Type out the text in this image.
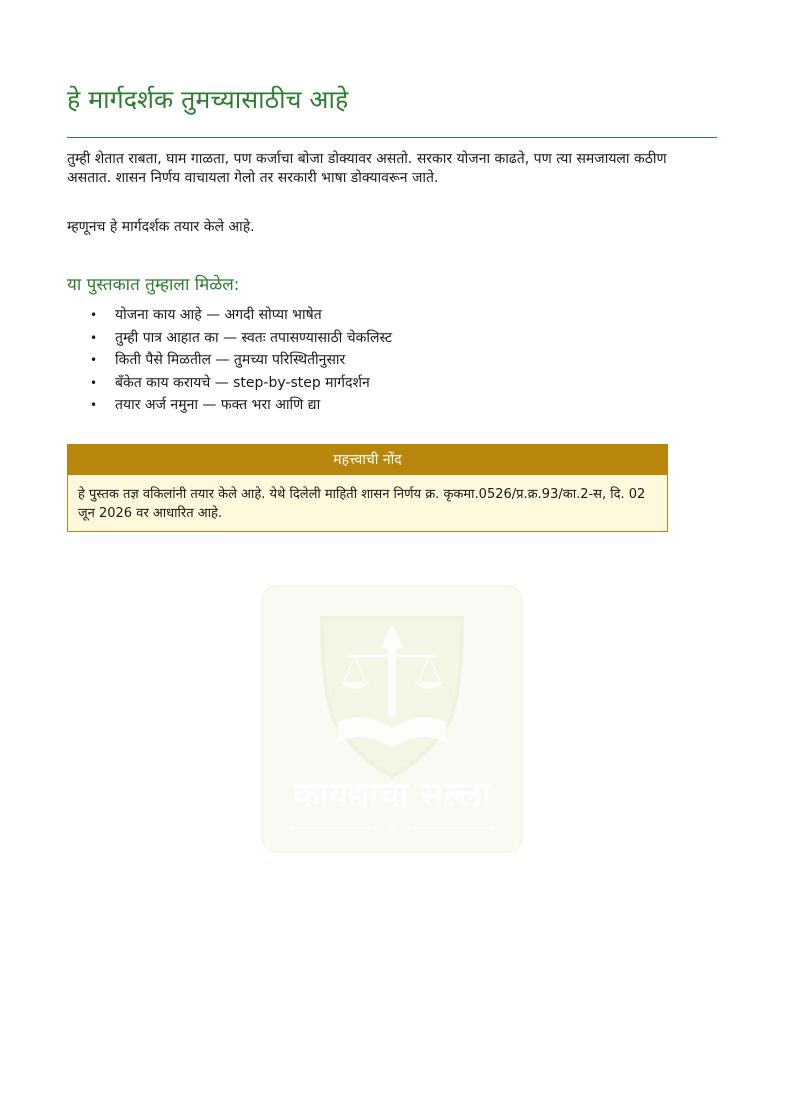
हे मार्गदर्शक तुमच्यासाठीच आहे

तुम्ही शेतात राबता, घाम गाळता, पण कर्जाचा बोजा डोक्यावर असतो. सरकार योजना काढते, पण त्या समजायला कठीण असतात. शासन निर्णय वाचायला गेलो तर सरकारी भाषा डोक्यावरून जाते.

म्हणूनच हे मार्गदर्शक तयार केले आहे.

या पुस्तकात तुम्हाला मिळेल:
• योजना काय आहे — अगदी सोप्या भाषेत
• तुम्ही पात्र आहात का — स्वतः तपासण्यासाठी चेकलिस्ट
• किती पैसे मिळतील — तुमच्या परिस्थितीनुसार
• बँकेत काय करायचे — step-by-step मार्गदर्शन
• तयार अर्ज नमुना — फक्त भरा आणि द्या
महत्त्वाची नोंद
हे पुस्तक तज्ञ वकिलांनी तयार केले आहे. येथे दिलेली माहिती शासन निर्णय क्र. कृकमा.0526/प्र.क्र.93/का.2-स, दि. 02 जून 2026 वर आधारित आहे.
कायद्याचा सल्ला
